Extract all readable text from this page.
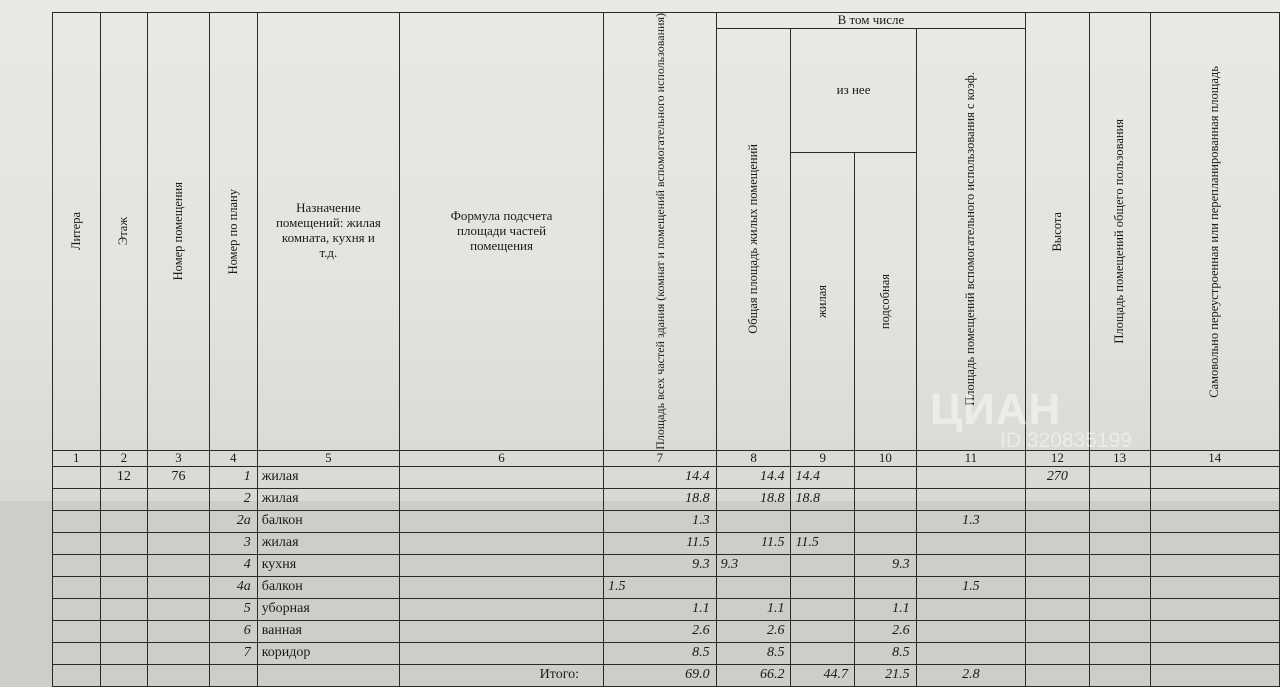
Литера	Этаж	Номер помещения	Номер по плану	Назначение помещений: жилая комната, кухня и т.д.	Формула подсчета площади частей помещения	Площадь всех частей здания (комнат и помещений вспомогательного использования)	В том числе				Высота	Площадь помещений общего пользования	Самовольно переустроенная или перепланированная площадь

							Общая площадь жилых помещений	из нее		Площадь помещений вспомогательного использования с коэф.			

								жилая	подсобная				

1	2	3	4	5	6	7	8	9	10	11	12	13	14
	12	76	1	жилая		14.4	14.4	14.4			270		
			2	жилая		18.8	18.8	18.8					
			2а	балкон		1.3				1.3			
			3	жилая		11.5	11.5	11.5					
			4	кухня		9.3	9.3		9.3				
			4а	балкон		1.5				1.5			
			5	уборная		1.1	1.1		1.1				
			6	ванная		2.6	2.6		2.6				
			7	коридор		8.5	8.5		8.5				
					Итого:	69.0	66.2	44.7	21.5	2.8			
ЦИАН
ID 320835199
